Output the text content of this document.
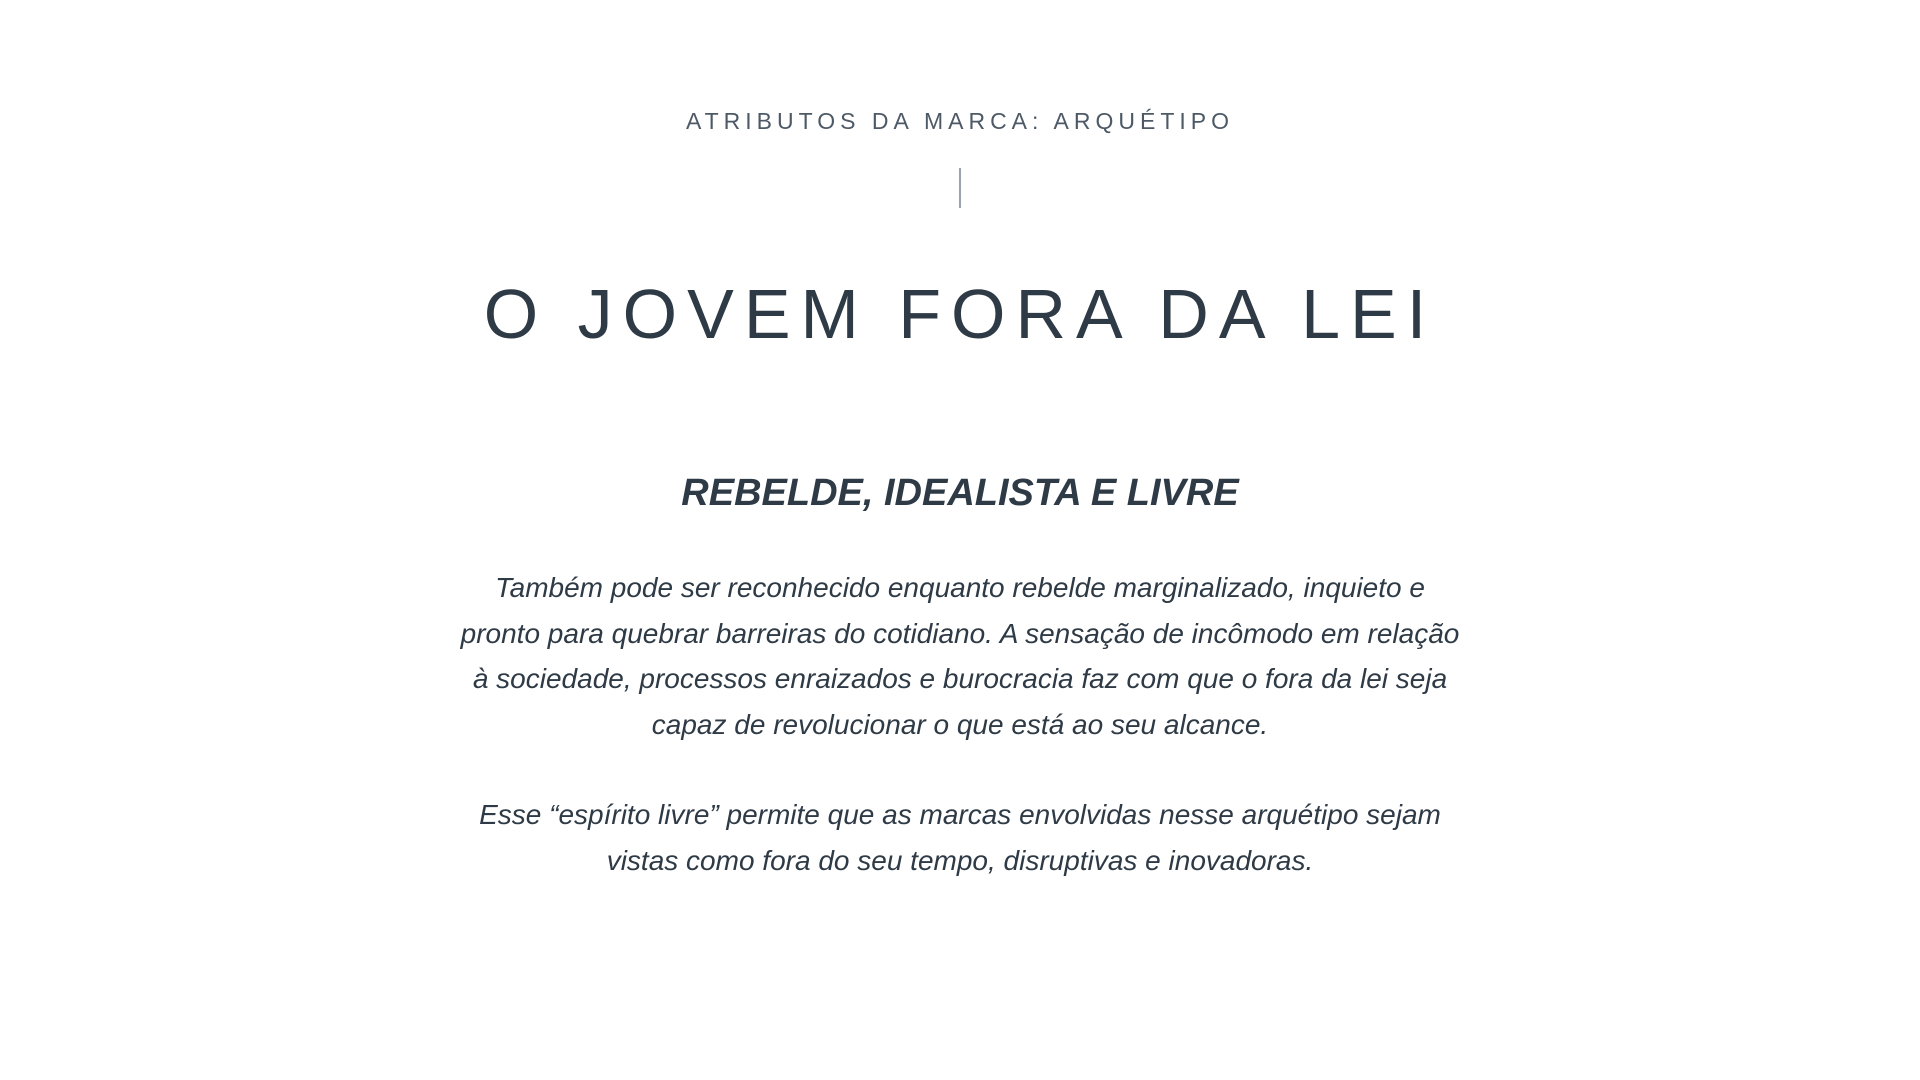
ATRIBUTOS DA MARCA: ARQUÉTIPO
O JOVEM FORA DA LEI
REBELDE, IDEALISTA E LIVRE

Também pode ser reconhecido enquanto rebelde marginalizado, inquieto e pronto para quebrar barreiras do cotidiano. A sensação de incômodo em relação à sociedade, processos enraizados e burocracia faz com que o fora da lei seja capaz de revolucionar o que está ao seu alcance.

Esse “espírito livre” permite que as marcas envolvidas nesse arquétipo sejam vistas como fora do seu tempo, disruptivas e inovadoras.
